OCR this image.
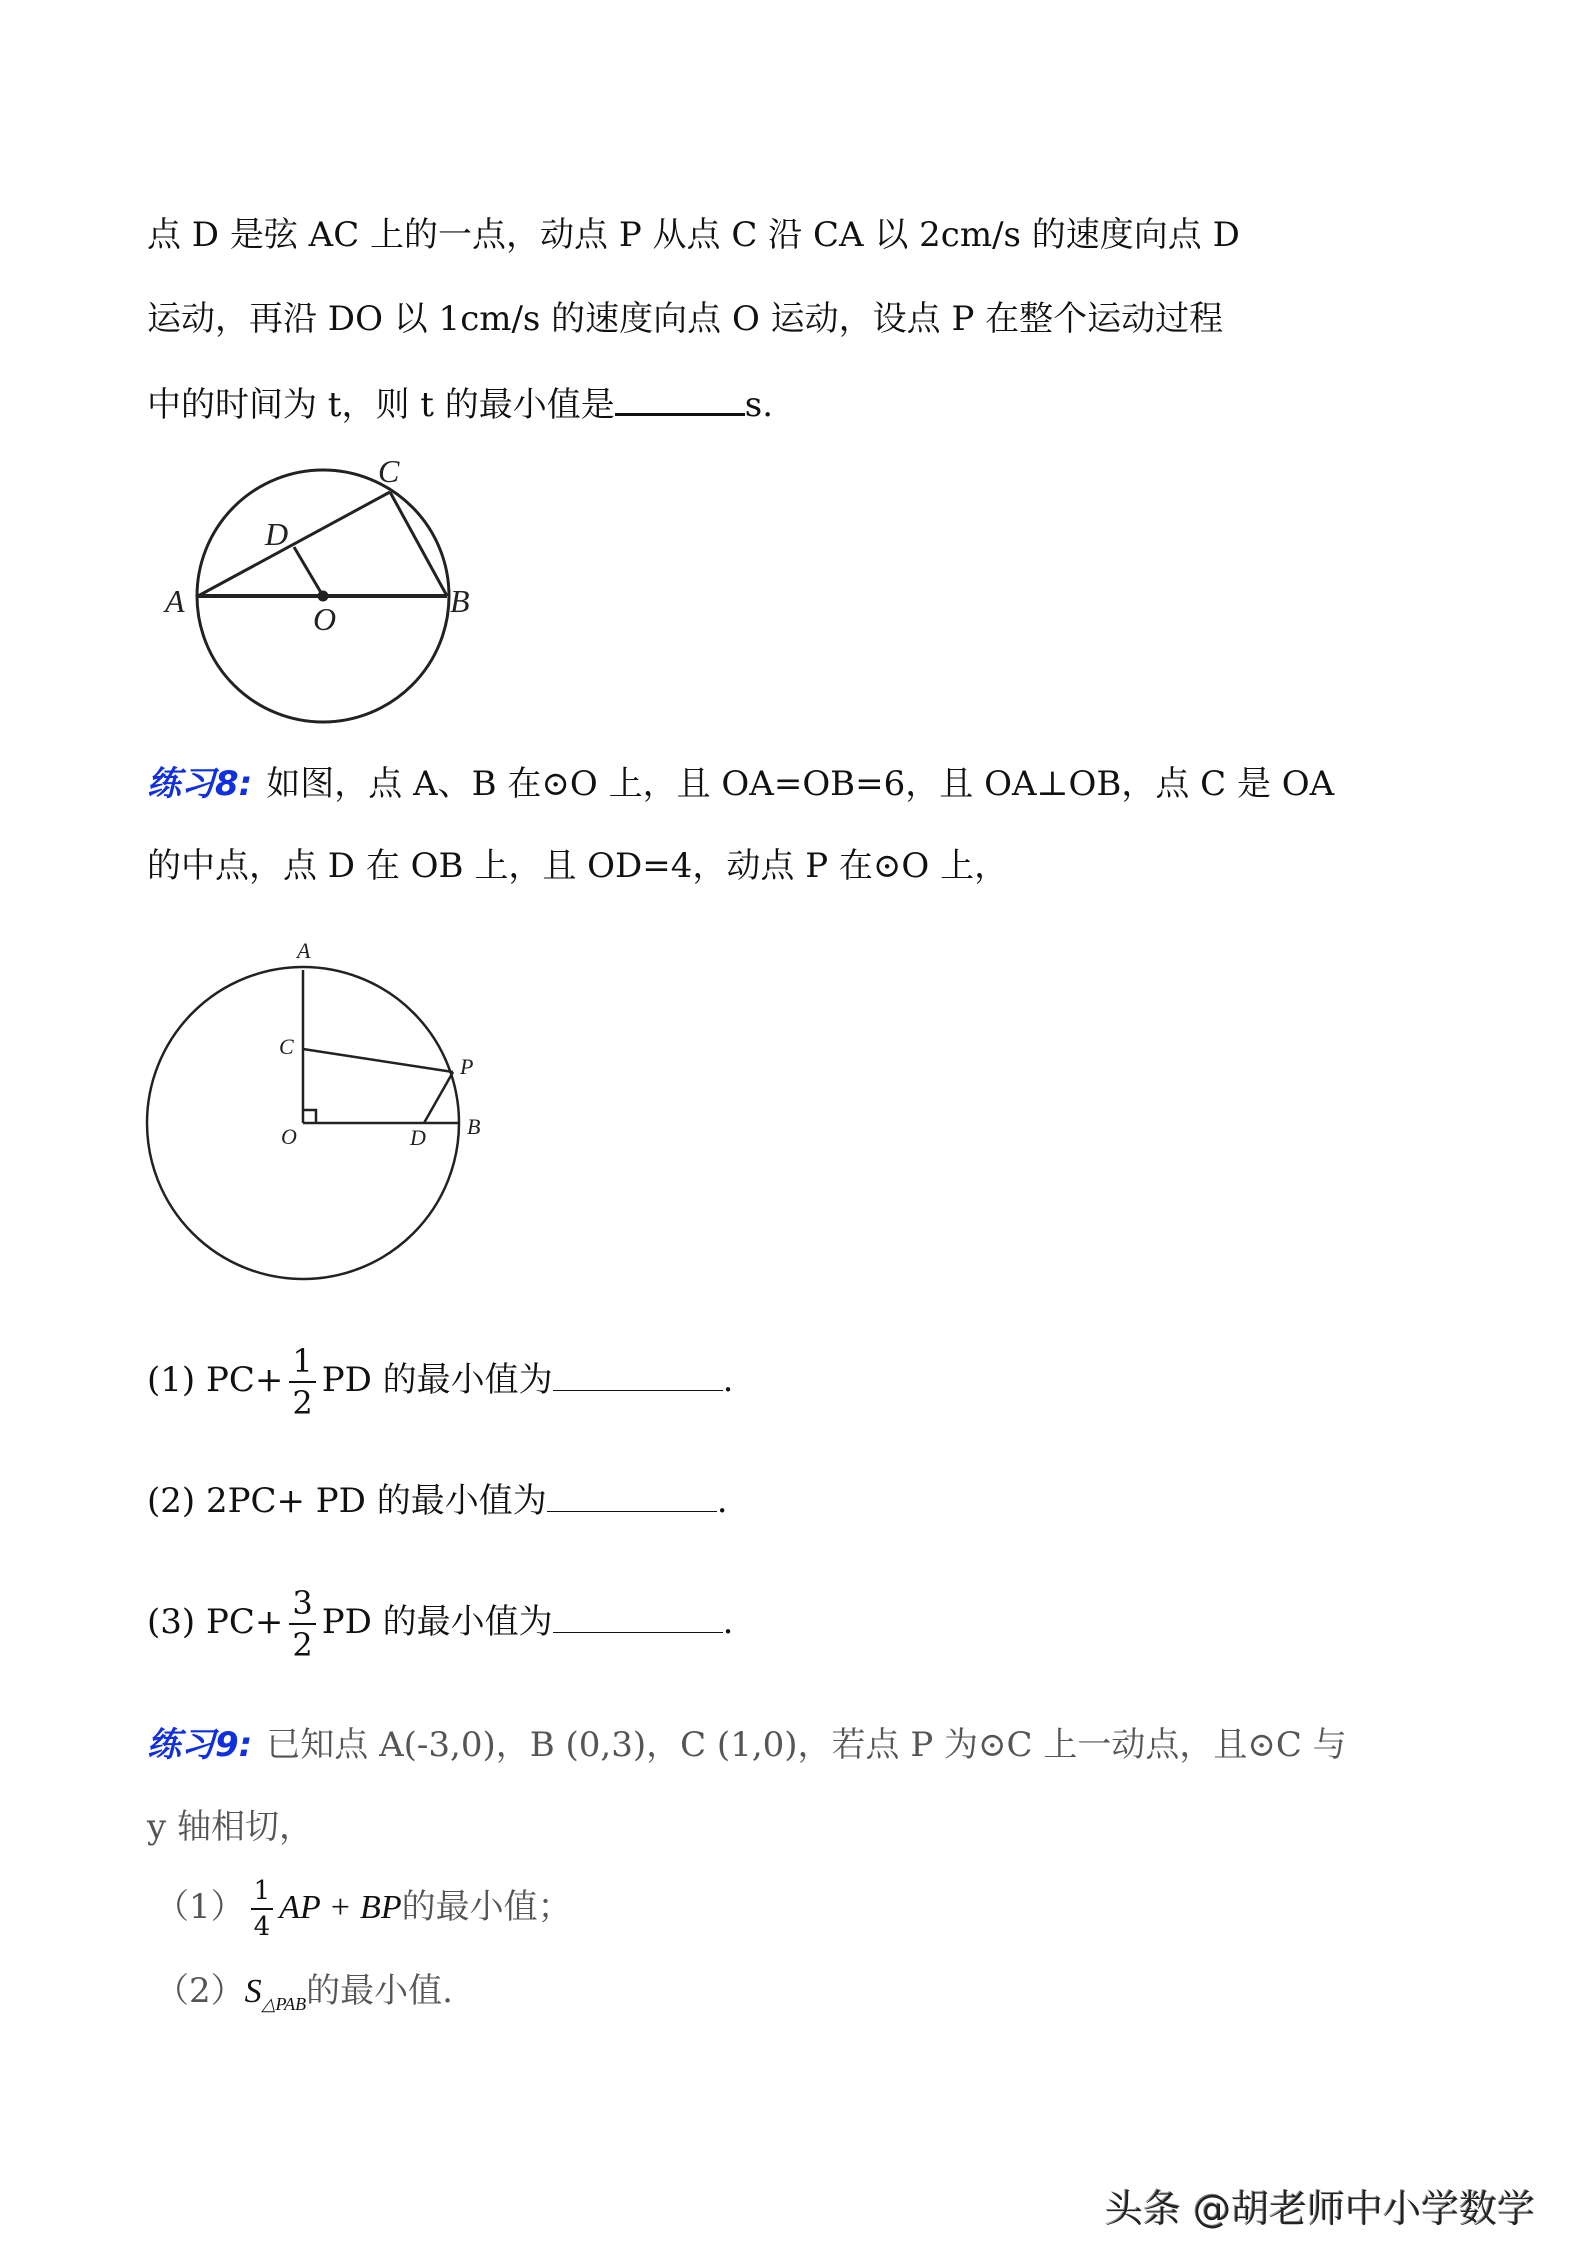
点 D 是弦 AC 上的一点，动点 P 从点 C 沿 CA 以 2cm/s 的速度向点 D
运动，再沿 DO 以 1cm/s 的速度向点 O 运动，设点 P 在整个运动过程
中的时间为 t，则 t 的最小值是	s.
A	B
C
D
O
A
C
P
O	D B
练习8: 如图，点 A、B 在⊙O 上，且 OA=OB=6，且 OA⊥OB，点 C 是 OA
的中点，点 D 在 OB 上，且 OD=4，动点 P 在⊙O 上，
(1) $PC+ \frac{1}{2}$ PD 的最小值为	.
(2) 2PC+ PD 的最小值为	.
(3) $PC+ \frac{3}{2}$ PD 的最小值为	.
练习9: 已知点 A(-3,0)，B (0,3)，C (1,0)，若点 P 为⊙C 上一动点，且⊙C 与
y 轴相切，
$(1) \frac{1}{4}$ AP + BP的最小值；
$(2)S_{\triangle PAB}$的最小值.
头条 @胡老师中小学数学
